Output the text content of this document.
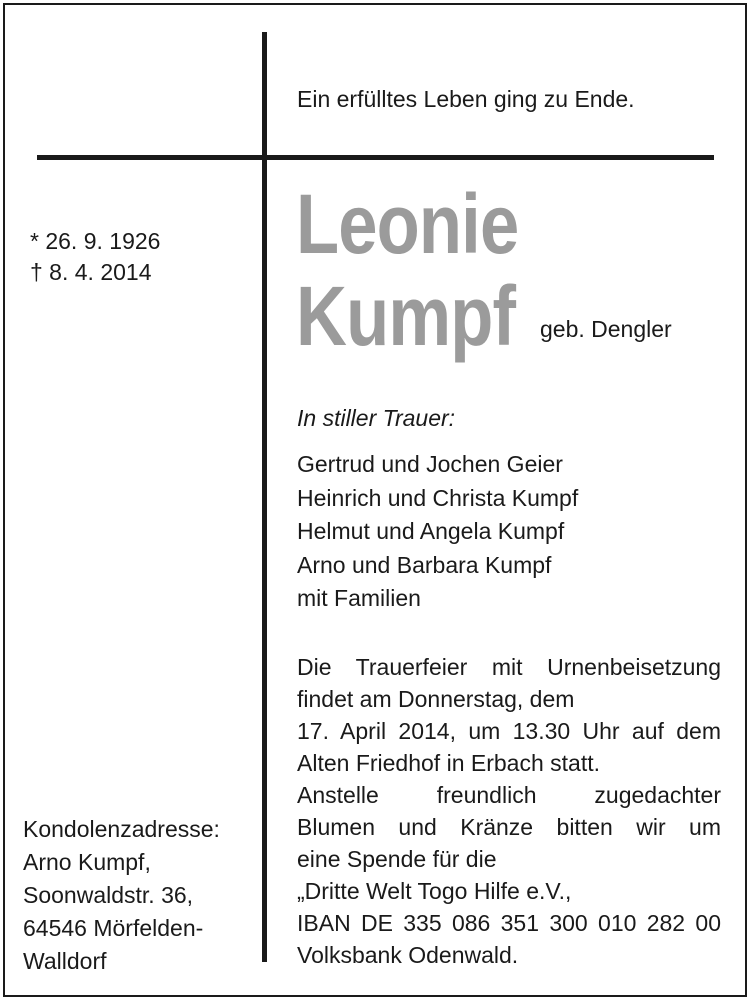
Ein erfülltes Leben ging zu Ende.
* 26. 9. 1926
† 8. 4. 2014
Leonie
Kumpf geb. Dengler
In stiller Trauer:
Gertrud und Jochen Geier
Heinrich und Christa Kumpf
Helmut und Angela Kumpf
Arno und Barbara Kumpf
mit Familien
Die Trauerfeier mit Urnenbeisetzung
findet am Donnerstag, dem
17. April 2014, um 13.30 Uhr auf dem
Alten Friedhof in Erbach statt.
Anstelle freundlich zugedachter
Blumen und Kränze bitten wir um
eine Spende für die
„Dritte Welt Togo Hilfe e.V.,
IBAN DE 335 086 351 300 010 282 00
Volksbank Odenwald.
Kondolenzadresse:
Arno Kumpf,
Soonwaldstr. 36,
64546 Mörfelden-
Walldorf
